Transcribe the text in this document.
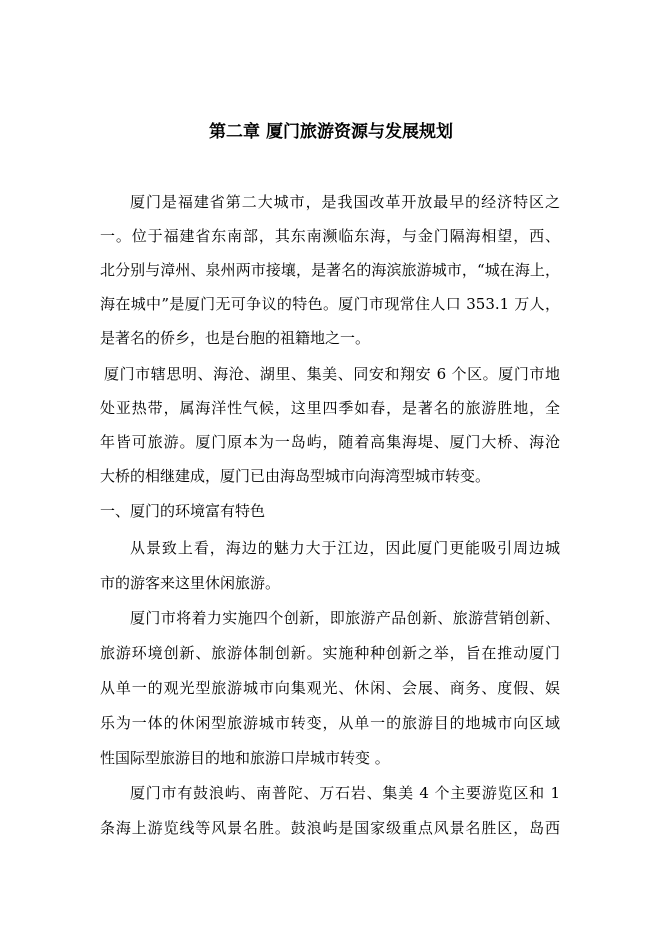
第二章 厦门旅游资源与发展规划
厦门是福建省第二大城市，是我国改革开放最早的经济特区之
一。位于福建省东南部，其东南濒临东海，与金门隔海相望，西、
北分别与漳州、泉州两市接壤，是著名的海滨旅游城市，“城在海上，
海在城中”是厦门无可争议的特色。厦门市现常住人口 353.1 万人，
是著名的侨乡，也是台胞的祖籍地之一。
厦门市辖思明、海沧、湖里、集美、同安和翔安 6 个区。厦门市地
处亚热带，属海洋性气候，这里四季如春，是著名的旅游胜地，全
年皆可旅游。厦门原本为一岛屿，随着高集海堤、厦门大桥、海沧
大桥的相继建成，厦门已由海岛型城市向海湾型城市转变。
一、厦门的环境富有特色
从景致上看，海边的魅力大于江边，因此厦门更能吸引周边城
市的游客来这里休闲旅游。
厦门市将着力实施四个创新，即旅游产品创新、旅游营销创新、
旅游环境创新、旅游体制创新。实施种种创新之举，旨在推动厦门
从单一的观光型旅游城市向集观光、休闲、会展、商务、度假、娱
乐为一体的休闲型旅游城市转变，从单一的旅游目的地城市向区域
性国际型旅游目的地和旅游口岸城市转变 。
厦门市有鼓浪屿、南普陀、万石岩、集美 4 个主要游览区和 1
条海上游览线等风景名胜。鼓浪屿是国家级重点风景名胜区，岛西
